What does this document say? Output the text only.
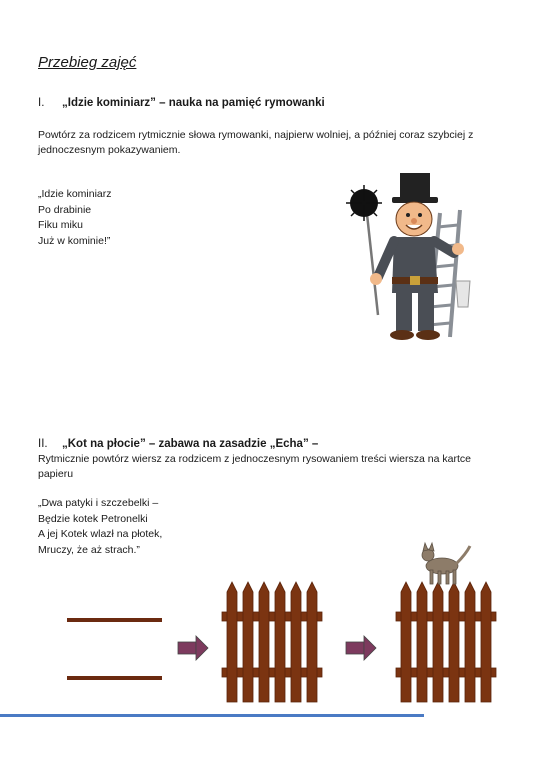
Przebieg zajęć
I. „Idzie kominiarz” – nauka na pamięć rymowanki
Powtórz za rodzicem rytmicznie słowa rymowanki, najpierw wolniej, a później coraz szybciej z jednoczesnym pokazywaniem.
„Idzie kominiarz
Po drabinie
Fiku miku
Już w kominie!”
II. „Kot na płocie” – zabawa na zasadzie „Echa” –
Rytmicznie powtórz wiersz za rodzicem z jednoczesnym rysowaniem treści wiersza na kartce papieru
„Dwa patyki i szczebelki –
Będzie kotek Petronelki
A jej Kotek wlazł na płotek,
Mruczy, że aż strach.”
